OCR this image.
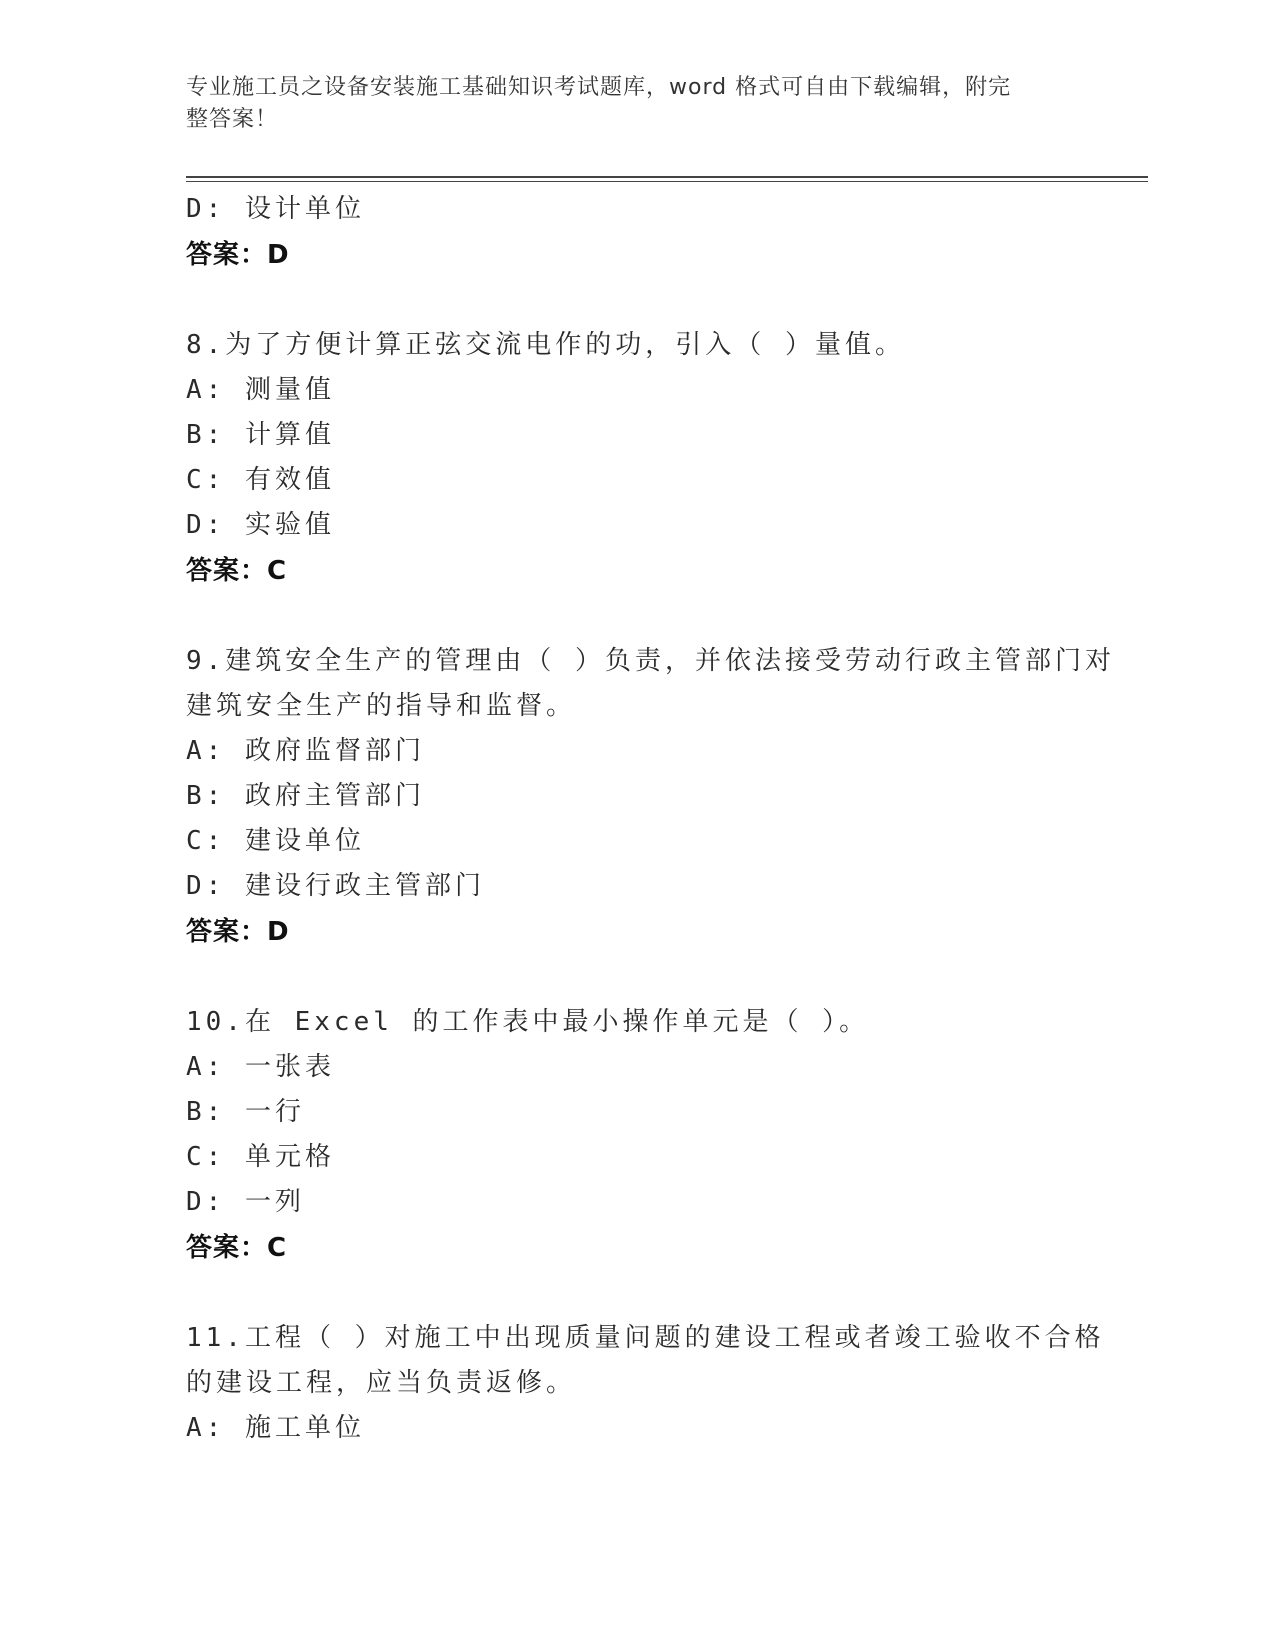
专业施工员之设备安装施工基础知识考试题库，word 格式可自由下载编辑，附完
整答案！
D: 设计单位
答案：D
8.为了方便计算正弦交流电作的功，引入（ ）量值。
A: 测量值
B: 计算值
C: 有效值
D: 实验值
答案：C
9.建筑安全生产的管理由（ ）负责，并依法接受劳动行政主管部门对
建筑安全生产的指导和监督。
A: 政府监督部门
B: 政府主管部门
C: 建设单位
D: 建设行政主管部门
答案：D
10.在 Excel 的工作表中最小操作单元是（ ）。
A: 一张表
B: 一行
C: 单元格
D: 一列
答案：C
11.工程（ ）对施工中出现质量问题的建设工程或者竣工验收不合格
的建设工程，应当负责返修。
A: 施工单位
